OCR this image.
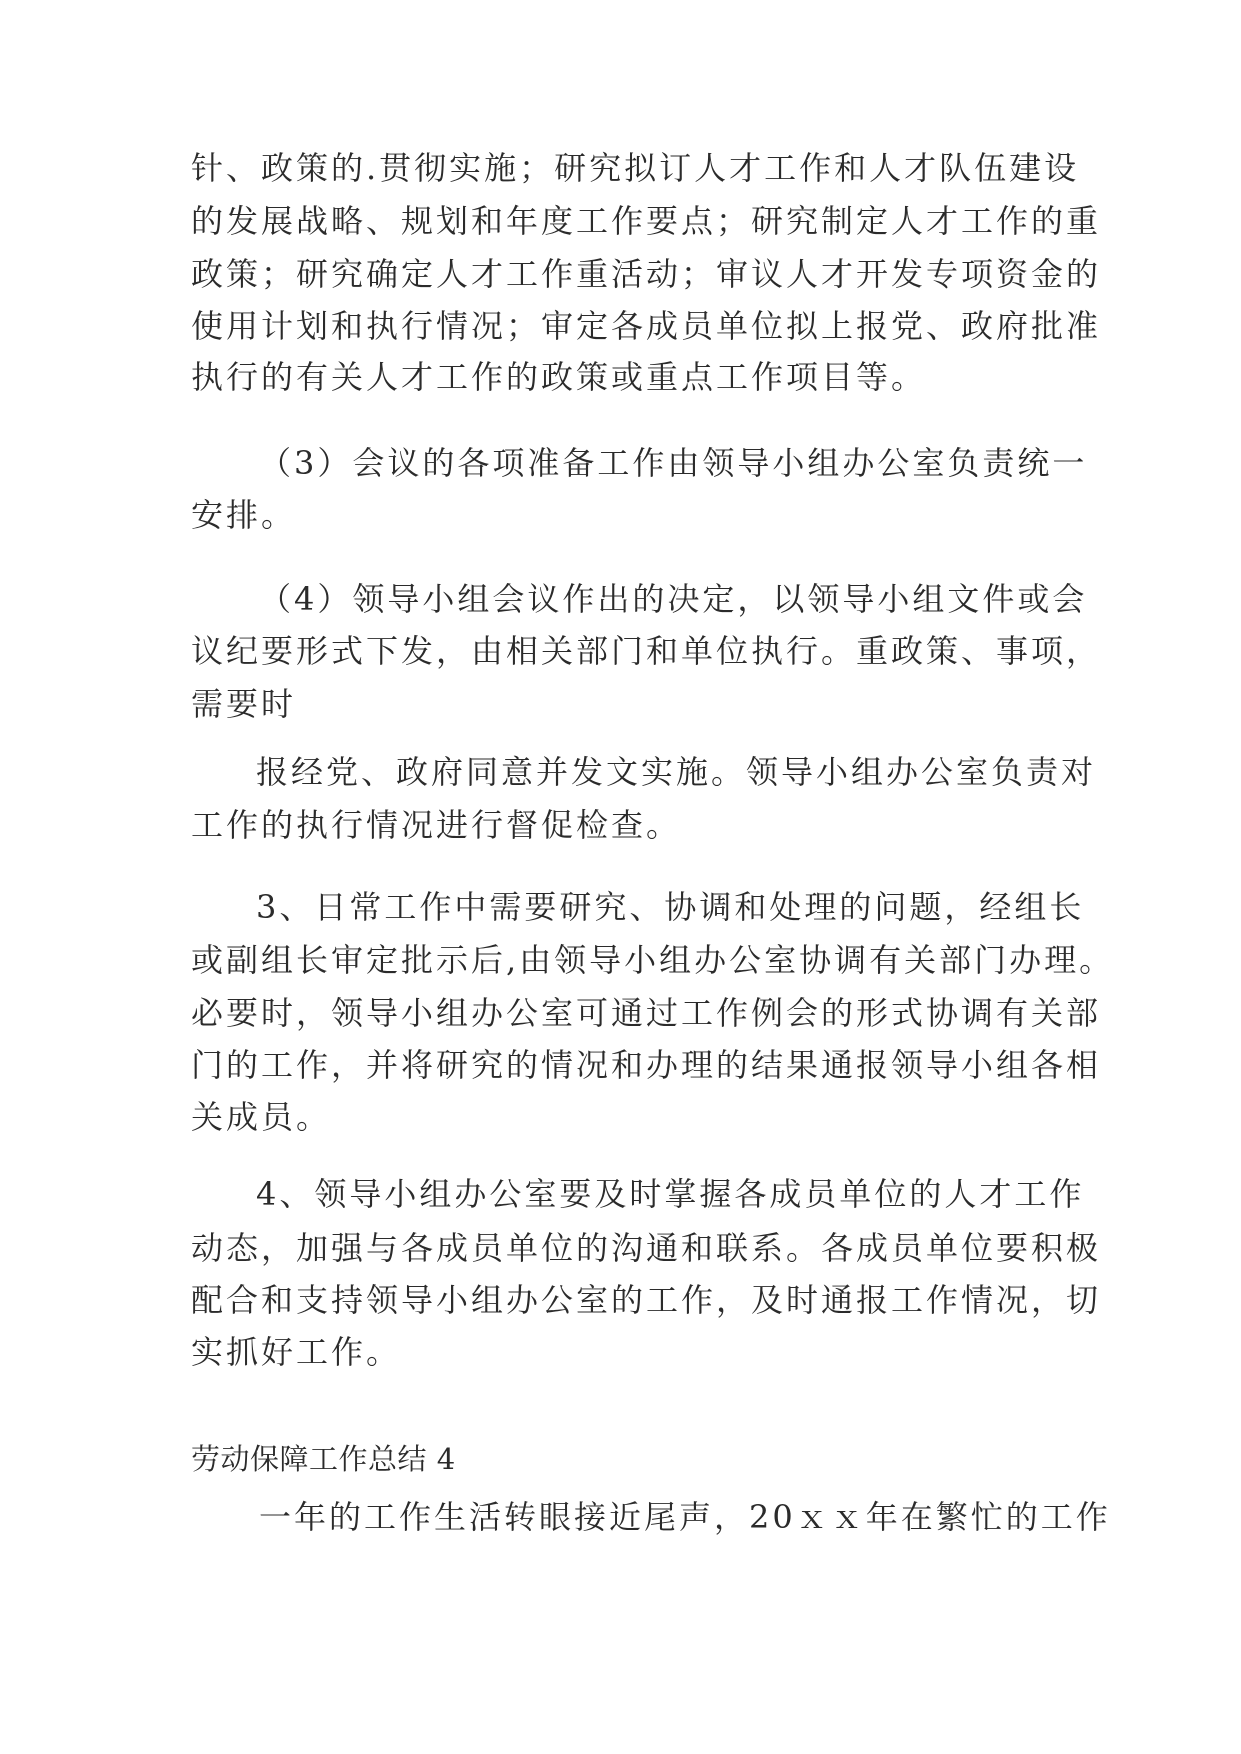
针、政策的.贯彻实施；研究拟订人才工作和人才队伍建设
的发展战略、规划和年度工作要点；研究制定人才工作的重
政策；研究确定人才工作重活动；审议人才开发专项资金的
使用计划和执行情况；审定各成员单位拟上报党、政府批准
执行的有关人才工作的政策或重点工作项目等。
（3）会议的各项准备工作由领导小组办公室负责统一
安排。
（4）领导小组会议作出的决定，以领导小组文件或会
议纪要形式下发，由相关部门和单位执行。重政策、事项，
需要时
报经党、政府同意并发文实施。领导小组办公室负责对
工作的执行情况进行督促检查。
3、日常工作中需要研究、协调和处理的问题，经组长
或副组长审定批示后,由领导小组办公室协调有关部门办理。
必要时，领导小组办公室可通过工作例会的形式协调有关部
门的工作，并将研究的情况和办理的结果通报领导小组各相
关成员。
4、领导小组办公室要及时掌握各成员单位的人才工作
动态，加强与各成员单位的沟通和联系。各成员单位要积极
配合和支持领导小组办公室的工作，及时通报工作情况，切
实抓好工作。
劳动保障工作总结 4
一年的工作生活转眼接近尾声，20ｘｘ年在繁忙的工作
